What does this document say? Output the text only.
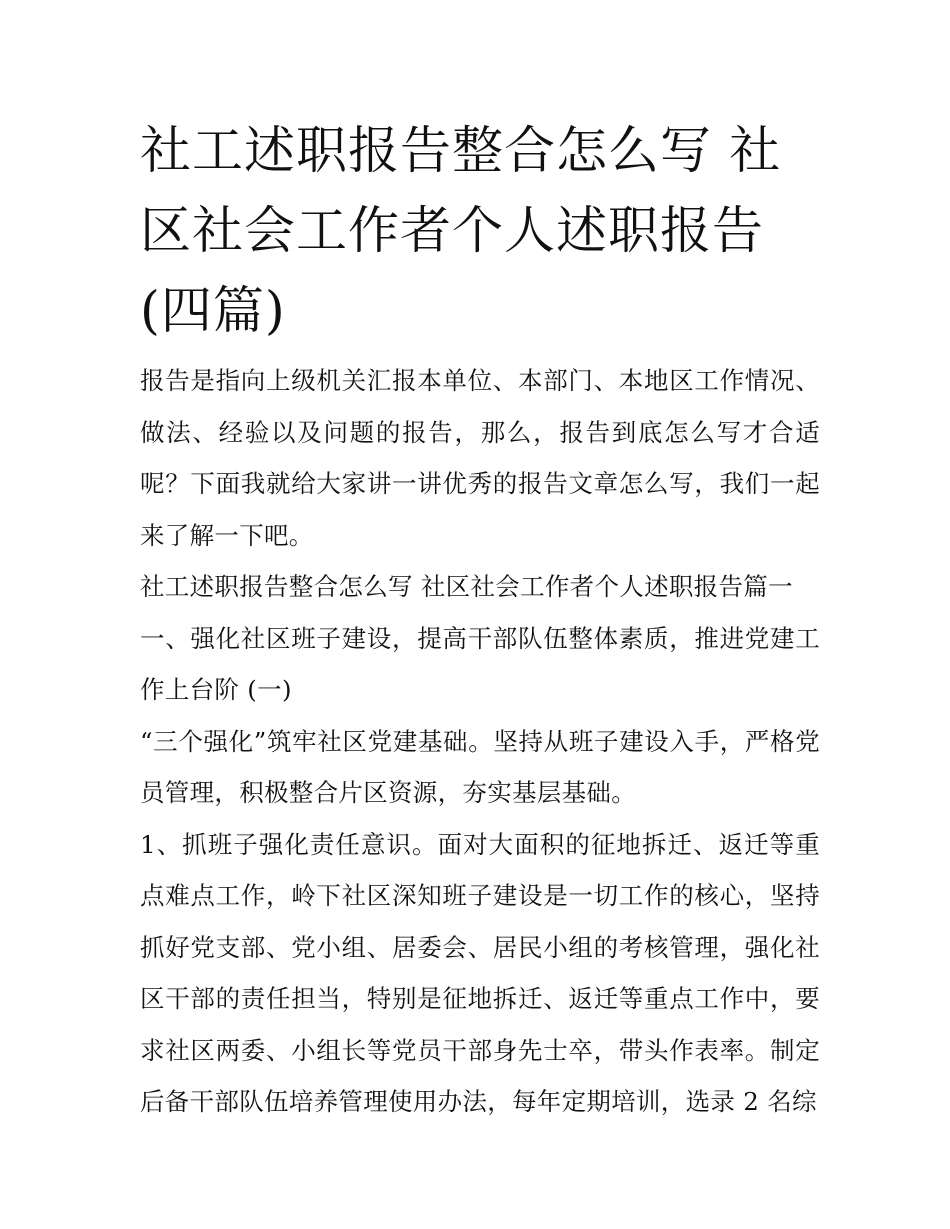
社工述职报告整合怎么写 社区社会工作者个人述职报告(四篇)

报告是指向上级机关汇报本单位、本部门、本地区工作情况、做法、经验以及问题的报告，那么，报告到底怎么写才合适呢？下面我就给大家讲一讲优秀的报告文章怎么写，我们一起来了解一下吧。

社工述职报告整合怎么写 社区社会工作者个人述职报告篇一

一、强化社区班子建设，提高干部队伍整体素质，推进党建工作上台阶 (一)

“三个强化”筑牢社区党建基础。坚持从班子建设入手，严格党员管理，积极整合片区资源，夯实基层基础。

1、抓班子强化责任意识。面对大面积的征地拆迁、返迁等重点难点工作，岭下社区深知班子建设是一切工作的核心，坚持抓好党支部、党小组、居委会、居民小组的考核管理，强化社区干部的责任担当，特别是征地拆迁、返迁等重点工作中，要求社区两委、小组长等党员干部身先士卒，带头作表率。制定后备干部队伍培养管理使用办法，每年定期培训，选录 2 名综
